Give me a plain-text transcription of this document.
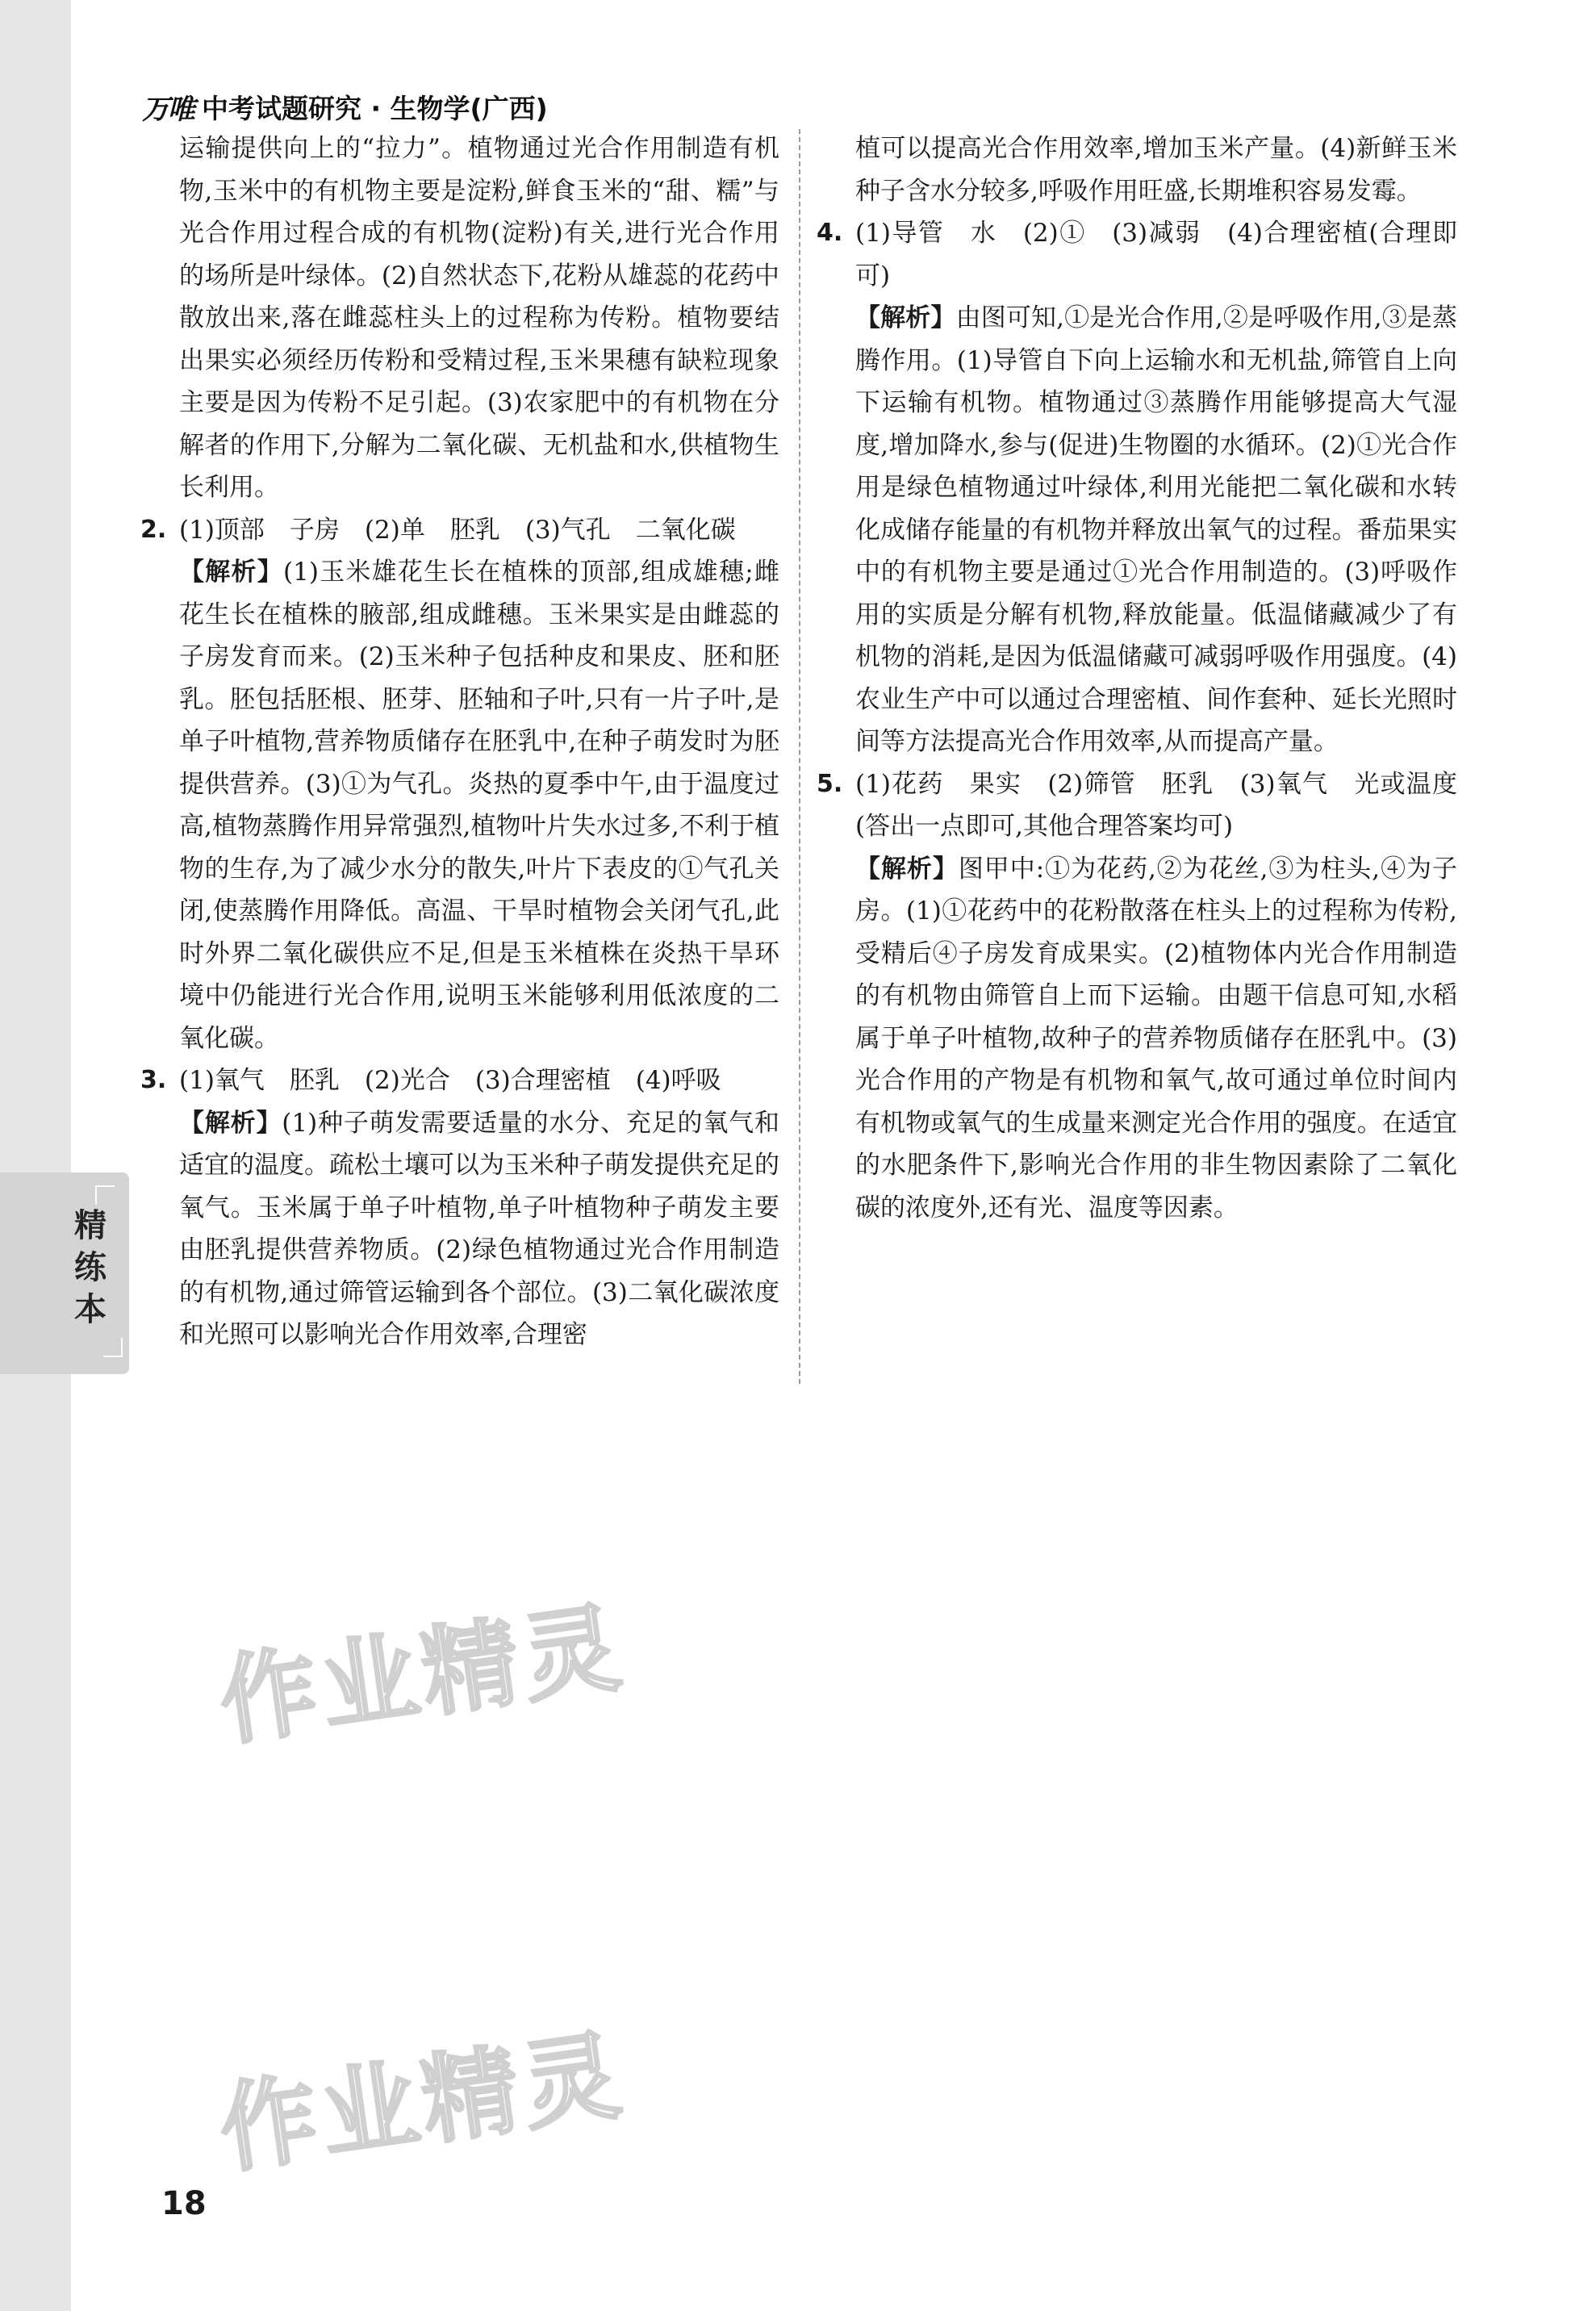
万唯 中考试题研究 · 生物学(广西)
精练本

运输提供向上的“拉力”。植物通过光合作用制造有机物,玉米中的有机物主要是淀粉,鲜食玉米的“甜、糯”与光合作用过程合成的有机物(淀粉)有关,进行光合作用的场所是叶绿体。(2)自然状态下,花粉从雄蕊的花药中散放出来,落在雌蕊柱头上的过程称为传粉。植物要结出果实必须经历传粉和受精过程,玉米果穗有缺粒现象主要是因为传粉不足引起。(3)农家肥中的有机物在分解者的作用下,分解为二氧化碳、无机盐和水,供植物生长利用。

2. (1)顶部　子房　(2)单　胚乳　(3)气孔　二氧化碳

【解析】(1)玉米雄花生长在植株的顶部,组成雄穗;雌花生长在植株的腋部,组成雌穗。玉米果实是由雌蕊的子房发育而来。(2)玉米种子包括种皮和果皮、胚和胚乳。胚包括胚根、胚芽、胚轴和子叶,只有一片子叶,是单子叶植物,营养物质储存在胚乳中,在种子萌发时为胚提供营养。(3)①为气孔。炎热的夏季中午,由于温度过高,植物蒸腾作用异常强烈,植物叶片失水过多,不利于植物的生存,为了减少水分的散失,叶片下表皮的①气孔关闭,使蒸腾作用降低。高温、干旱时植物会关闭气孔,此时外界二氧化碳供应不足,但是玉米植株在炎热干旱环境中仍能进行光合作用,说明玉米能够利用低浓度的二氧化碳。

3. (1)氧气　胚乳　(2)光合　(3)合理密植　(4)呼吸

【解析】(1)种子萌发需要适量的水分、充足的氧气和适宜的温度。疏松土壤可以为玉米种子萌发提供充足的氧气。玉米属于单子叶植物,单子叶植物种子萌发主要由胚乳提供营养物质。(2)绿色植物通过光合作用制造的有机物,通过筛管运输到各个部位。(3)二氧化碳浓度和光照可以影响光合作用效率,合理密

植可以提高光合作用效率,增加玉米产量。(4)新鲜玉米种子含水分较多,呼吸作用旺盛,长期堆积容易发霉。

4. (1)导管　水　(2)①　(3)减弱　(4)合理密植(合理即可)

【解析】由图可知,①是光合作用,②是呼吸作用,③是蒸腾作用。(1)导管自下向上运输水和无机盐,筛管自上向下运输有机物。植物通过③蒸腾作用能够提高大气湿度,增加降水,参与(促进)生物圈的水循环。(2)①光合作用是绿色植物通过叶绿体,利用光能把二氧化碳和水转化成储存能量的有机物并释放出氧气的过程。番茄果实中的有机物主要是通过①光合作用制造的。(3)呼吸作用的实质是分解有机物,释放能量。低温储藏减少了有机物的消耗,是因为低温储藏可减弱呼吸作用强度。(4)农业生产中可以通过合理密植、间作套种、延长光照时间等方法提高光合作用效率,从而提高产量。

5. (1)花药　果实　(2)筛管　胚乳　(3)氧气　光或温度(答出一点即可,其他合理答案均可)

【解析】图甲中:①为花药,②为花丝,③为柱头,④为子房。(1)①花药中的花粉散落在柱头上的过程称为传粉,受精后④子房发育成果实。(2)植物体内光合作用制造的有机物由筛管自上而下运输。由题干信息可知,水稻属于单子叶植物,故种子的营养物质储存在胚乳中。(3)光合作用的产物是有机物和氧气,故可通过单位时间内有机物或氧气的生成量来测定光合作用的强度。在适宜的水肥条件下,影响光合作用的非生物因素除了二氧化碳的浓度外,还有光、温度等因素。

作业精灵
作业精灵
18
